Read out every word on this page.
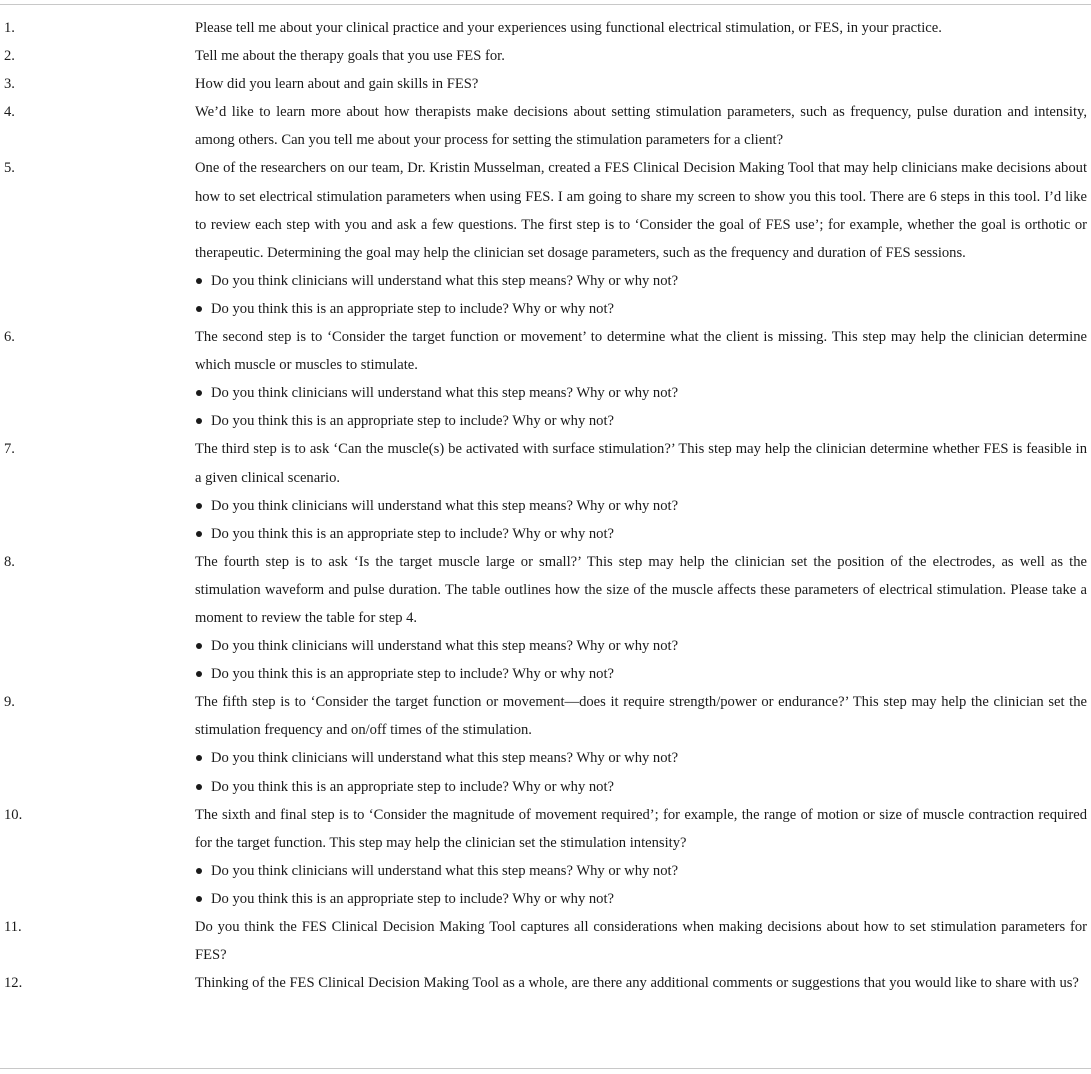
1.	Please tell me about your clinical practice and your experiences using functional electrical stimulation, or FES, in your practice.

2.	Tell me about the therapy goals that you use FES for.

3.	How did you learn about and gain skills in FES?

4.	We’d like to learn more about how therapists make decisions about setting stimulation parameters, such as frequency, pulse duration and intensity, among others. Can you tell me about your process for setting the stimulation parameters for a client?

5.	One of the researchers on our team, Dr. Kristin Musselman, created a FES Clinical Decision Making Tool that may help clinicians make decisions about how to set electrical stimulation parameters when using FES. I am going to share my screen to show you this tool. There are 6 steps in this tool. I’d like to review each step with you and ask a few questions. The first step is to ‘Consider the goal of FES use’; for example, whether the goal is orthotic or therapeutic. Determining the goal may help the clinician set dosage parameters, such as the frequency and duration of FES sessions.

Do you think clinicians will understand what this step means? Why or why not?
Do you think this is an appropriate step to include? Why or why not?
6.	The second step is to ‘Consider the target function or movement’ to determine what the client is missing. This step may help the clinician determine which muscle or muscles to stimulate.

Do you think clinicians will understand what this step means? Why or why not?
Do you think this is an appropriate step to include? Why or why not?
7.	The third step is to ask ‘Can the muscle(s) be activated with surface stimulation?’ This step may help the clinician determine whether FES is feasible in a given clinical scenario.

Do you think clinicians will understand what this step means? Why or why not?
Do you think this is an appropriate step to include? Why or why not?
8.	The fourth step is to ask ‘Is the target muscle large or small?’ This step may help the clinician set the position of the electrodes, as well as the stimulation waveform and pulse duration. The table outlines how the size of the muscle affects these parameters of electrical stimulation. Please take a moment to review the table for step 4.

Do you think clinicians will understand what this step means? Why or why not?
Do you think this is an appropriate step to include? Why or why not?
9.	The fifth step is to ‘Consider the target function or movement—does it require strength/power or endurance?’ This step may help the clinician set the stimulation frequency and on/off times of the stimulation.

Do you think clinicians will understand what this step means? Why or why not?
Do you think this is an appropriate step to include? Why or why not?
10.	The sixth and final step is to ‘Consider the magnitude of movement required’; for example, the range of motion or size of muscle contraction required for the target function. This step may help the clinician set the stimulation intensity?

Do you think clinicians will understand what this step means? Why or why not?
Do you think this is an appropriate step to include? Why or why not?
11.	Do you think the FES Clinical Decision Making Tool captures all considerations when making decisions about how to set stimulation parameters for FES?

12.	Thinking of the FES Clinical Decision Making Tool as a whole, are there any additional comments or suggestions that you would like to share with us?
